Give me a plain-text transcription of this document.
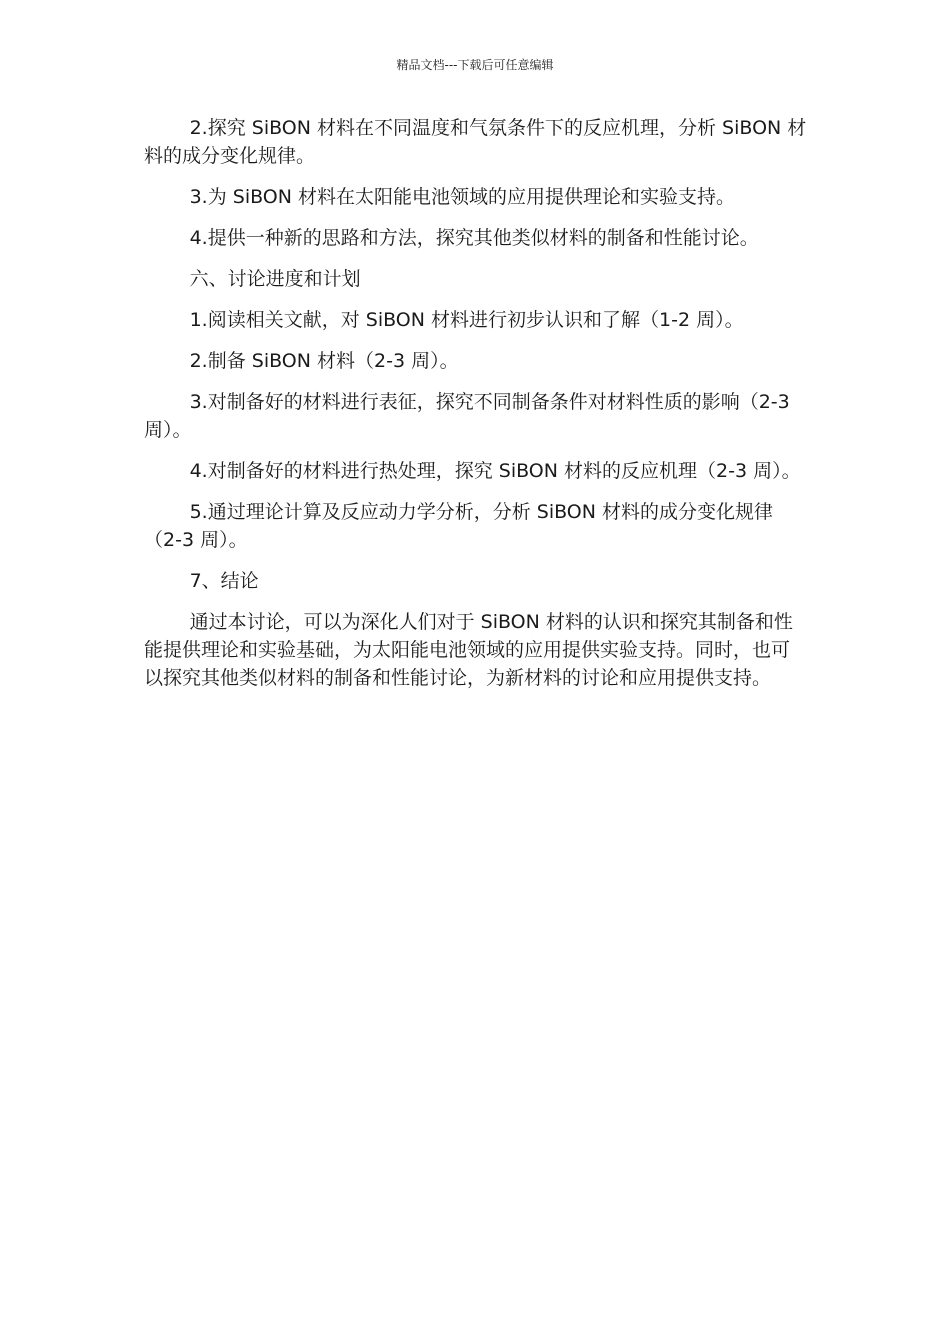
精品文档---下载后可任意编辑

2.探究 SiBON 材料在不同温度和气氛条件下的反应机理，分析 SiBON 材料的成分变化规律。

3.为 SiBON 材料在太阳能电池领域的应用提供理论和实验支持。

4.提供一种新的思路和方法，探究其他类似材料的制备和性能讨论。

六、讨论进度和计划

1.阅读相关文献，对 SiBON 材料进行初步认识和了解（1-2 周）。

2.制备 SiBON 材料（2-3 周）。

3.对制备好的材料进行表征，探究不同制备条件对材料性质的影响（2-3 周）。

4.对制备好的材料进行热处理，探究 SiBON 材料的反应机理（2-3 周）。

5.通过理论计算及反应动力学分析，分析 SiBON 材料的成分变化规律（2-3 周）。

7、结论

通过本讨论，可以为深化人们对于 SiBON 材料的认识和探究其制备和性能提供理论和实验基础，为太阳能电池领域的应用提供实验支持。同时，也可以探究其他类似材料的制备和性能讨论，为新材料的讨论和应用提供支持。
